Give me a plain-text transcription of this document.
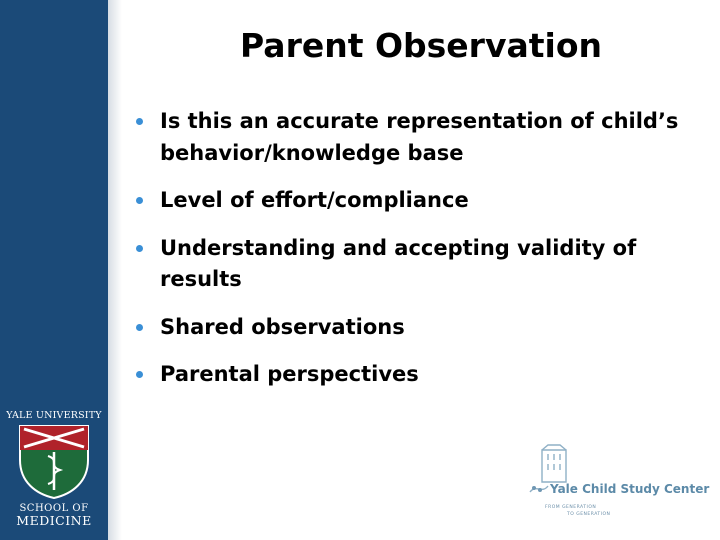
YALE UNIVERSITY
SCHOOL OF
MEDICINE
Parent Observation
Is this an accurate representation of child’s behavior/knowledge base
Level of effort/compliance
Understanding and accepting validity of results
Shared observations
Parental perspectives
Yale Child Study Center
FROM GENERATION
TO GENERATION
